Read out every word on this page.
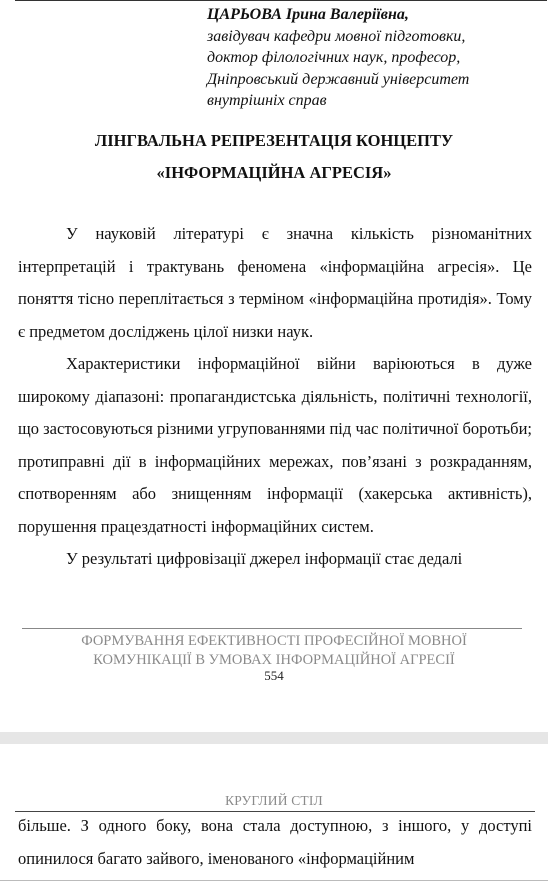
ЦАРЬОВА Ірина Валеріївна,
завідувач кафедри мовної підготовки,
доктор філологічних наук, професор,
Дніпровський державний університет
внутрішніх справ
ЛІНГВАЛЬНА РЕПРЕЗЕНТАЦІЯ КОНЦЕПТУ
«ІНФОРМАЦІЙНА АГРЕСІЯ»

У науковій літературі є значна кількість різноманітних інтерпретацій і трактувань феномена «інформаційна агресія». Це поняття тісно переплітається з терміном «інформаційна протидія». Тому є предметом досліджень цілої низки наук.

Характеристики інформаційної війни варіюються в дуже широкому діапазоні: пропагандистська діяльність, політичні технології, що застосовуються різними угрупованнями під час політичної боротьби; протиправні дії в інформаційних мережах, пов’язані з розкраданням, спотворенням або знищенням інформації (хакерська активність), порушення працездатності інформаційних систем.

У результаті цифровізації джерел інформації стає дедалі

ФОРМУВАННЯ ЕФЕКТИВНОСТІ ПРОФЕСІЙНОЇ МОВНОЇ
КОМУНІКАЦІЇ В УМОВАХ ІНФОРМАЦІЙНОЇ АГРЕСІЇ
554
КРУГЛИЙ СТІЛ

більше. З одного боку, вона стала доступною, з іншого, у доступі опинилося багато зайвого, іменованого «інформаційним
